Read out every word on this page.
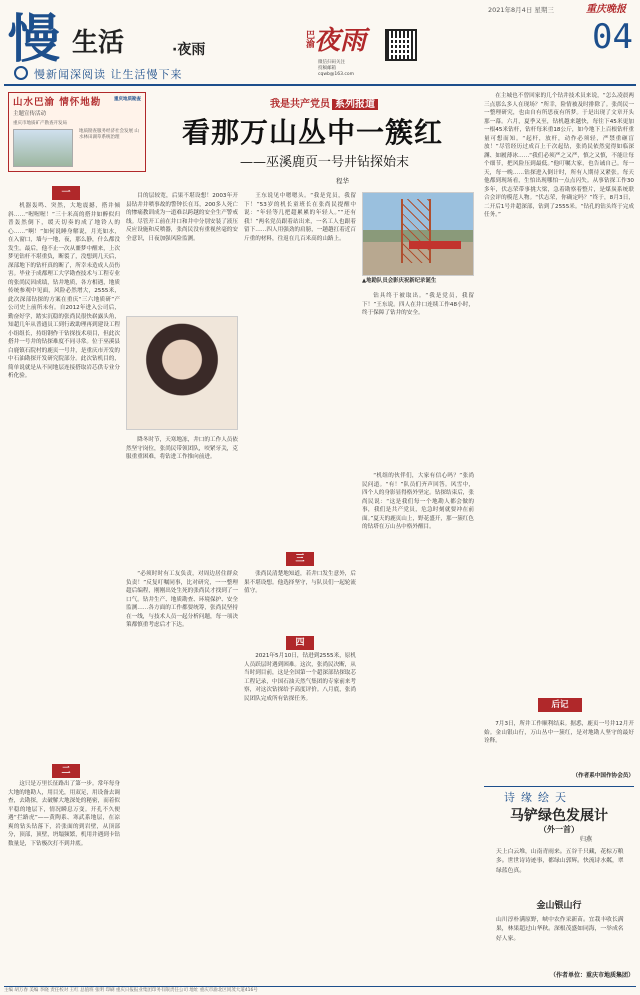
2021年8月4日 星期三	重庆晚报
慢 生活	·夜雨
慢新闻深阅读 让生活慢下来
巴渝 夜雨
微信扫码关注
投稿邮箱
cqwb@163.com
04
山水巴渝 情怀地勘
主题宣传活动
重庆市地质矿产勘查开发局
地质勘查服务经济社会发展 山水林田湖草系统治理
重庆地质勘查	我是共产党员 系列报道
看那万山丛中一簇红
——巫溪鹿页一号井钻探始末
程华
一

机器轰鸣、突然，大地震撼，搭井倾斜……“喔喔喔！”三十米高的搭井如醉似归普轰然倒下，缓天切奏的成了地铃人的心……“啊！”如何说睡身解说，月光如水，在入窗口，墙与一地，夜，那么静，什么都没发生。最后，他不止一次从噩梦中醒来，上次梦见钻杆不堪重负，断裂了，没想到几天后，深部地下的钻杆真的断了，所幸未造成人员伤害。毕业于成都理工大学勘查技术与工程专业的张尚民因成绩，钻井地质，各方相遇，地质传统参观中见面，风险必然增大，2555米，此次深部钻探的方案在重庆“三六地质研”产公司史上前所未有。自2012年进入公司后，勤奋好学，踏实沉稳的张尚民很快崭露头角，知超几年从普通员工到行政助理再到建设工程小组组长，持组钢作干钻探技术项目，但此次搭井一号井的钻探难度不同寻常。位于巫溪县白鹿镇石院村的鹿页一号井，是重庆市开发的中石油勘探开发研究院部分。此次钻机目的，简单说就是从不同地层连接搭取岩芯供专业分析化验。

二

这只是万里长征路出了第一步。常年每身大地的地勘人，用目光，用双足，用设备去调查，去勘探，去破解大地深处的秘密，而着似平稳的地层下，情况瞬息万变。开孔不久便遇“拦路虎”——黄陶系、寒武系地层，在凉爽的钻头钻落下，岩张面的到岩壁，从顶部分，顶部，顶壁，坍塌频繁，机用井遇到卡钻数量是，下钻极次打不到井底。

目的层较宽，后果不堪设想！2003年开县钻井井喷事故的警钟长在耳，200多人死亡的惨痛教训成为一道难以跨越的安全生产警戒线。尽管开工前在井口和井中分别安装了液压反应设施和反喷器，张尚民没有重视丝毫的安全意识，日夜加强风险监测。

降冬时节，天寒地冻，井口的工作人员依然坚守岗位，张尚民带领团队，咬紧牙关，克服重重困难，将钻进工作推向前进。

“必须时时有工友负责，对周边居住群众负责！”反复叮嘱同事，比对研究，一一整理超后编程，刚刚出处生死的张尚民才找到了一口气。钻井生产、地质勘查、环境保护、安全监测……各方面的工作都要统筹，张尚民坚持在一线，与技术人员一起分析问题，每一项决策都慎重考虑后才下达。

王东说见中嗯嗯头。“我是党员，我留下！”53岁的机长童班长在张尚民提醒中说：“年轻等几把超累累的年轻人。”“还有我！”两名党员跟着站出来，一名工人也跟着留下……四人用强劲的肩膀，一趟趟扛着近百斤重的材料，往返在几百米高的山路上。

三

张尚民清楚地知道，若井口发生意外，后果不堪设想。他选择坚守，与队员们一起轮流值守。

四

2021年5月10日，钻进到2555米，原机人员跃层时遇到困难。这次，张尚民决断，从当时到目前，这是全国第一个超深部钻探取芯工程记录，中国石油天然气集团的专家前来考察，对这次钻探给予高度评价。八月底，张尚民团队完成所有钻探任务。

▲地勘队员会影庆祝新纪录诞生

钻具终于被取出。“我是党员，我留下！”王东说。四人在井口连续工作48小时，终于保障了钻井的安全。

“机组的伙伴们，大家有信心吗？”张尚民问道。“有！”队员们齐声回答。风雪中，四个人的身影显得格外坚定。钻探结束后，张尚民说：“这是我们每一个地勘人都会做的事，我们是共产党员，危急时刻就要冲在前面。”夏天的鹿页山上，野花盛开，那一簇红色的钻塔在万山丛中格外醒目。

在主城也不曾回家的几个钻井技术员来说，“怎么凌晨两三点那么多人在现场？”所幸，险情被及时排除了。张尚民一一整理研究，也由自有所思夜有所梦。于是出现了文章开头那一幕。六月，夏季又至，钻机越来越快，每往下45米更加一根45米钻杆，钻杆每米重18公斤，如今地下上百根钻杆重量可想而知。“起杆，放杆，动作必须轻，严禁重砸盲放！”尽管经历过成百上千次起钻，张尚民依然觉得如临深渊、如履薄冰……“我们必须严之又严，慎之又慎，不能让每个细节，把风险压到最低。”他叮嘱大家，也告诫自己。每一天，每一晚……钻探进入倒计时，所有人期待又紧张。每天他都到现场看，生怕出现哪怕一点点闪失。从事钻探工作30多年，伏志荣带事挑大梁，急着勘察着整片，是煤炭系统联合会评的模范人物。“伏志荣，你确定吗？”终于，8月3日，二开后1号井超深部，钻到了2555米。“钻孔的钻头终于完成任务。”

后记

7月3日，所井工作顺利结束。据悉，鹿页一号井12月开始。金山银山行，万山丛中一簇红，是对地勘人坚守的最好诠释。

（作者系中国作协会员）
诗缘绘天
马铲绿色发展计
（外一首）
归燕
天上白云堆，山南青雨来。五谷千只藏，花棕万粮多。世世诗诗迹事，都绿山郭辉。快流诗水粼，翠绿蓝色真。
金山银山行
山川淳朴满原野，峡中农作采新苗。宜栽丰收长满果，林果超过山华秋。深根茂盛如同海，一举成名好人家。
（作者单位：重庆市地质集团）
主编 胡万春 美编 李晓 责任校对 王红 总值班 张明 印刷 重庆日报报业集团印务有限责任公司 地址 重庆市渝北区同茂大道416号
